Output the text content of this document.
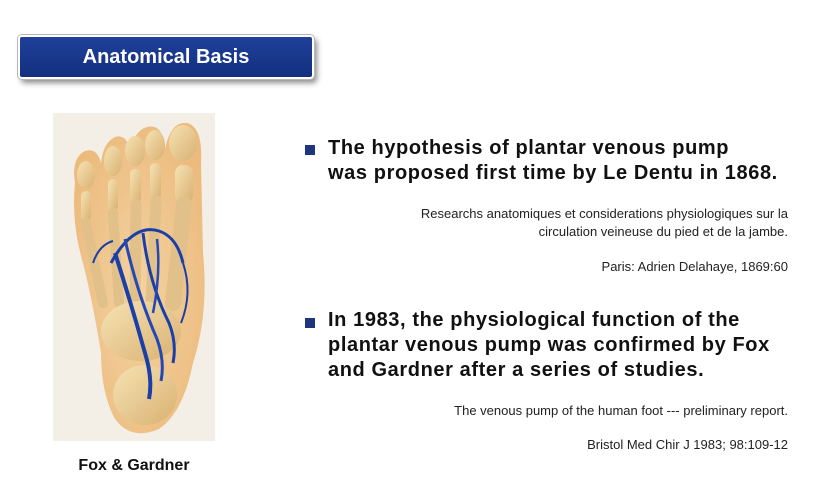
Anatomical Basis
Fox & Gardner
The hypothesis of plantar venous pump
was proposed first time by Le Dentu in 1868.
Researchs anatomiques et considerations physiologiques sur la
circulation veineuse du pied et de la jambe.
Paris: Adrien Delahaye, 1869:60
In 1983, the physiological function of the
plantar venous pump was confirmed by Fox
and Gardner after a series of studies.
The venous pump of the human foot --- preliminary report.
Bristol Med Chir J 1983; 98:109-12
